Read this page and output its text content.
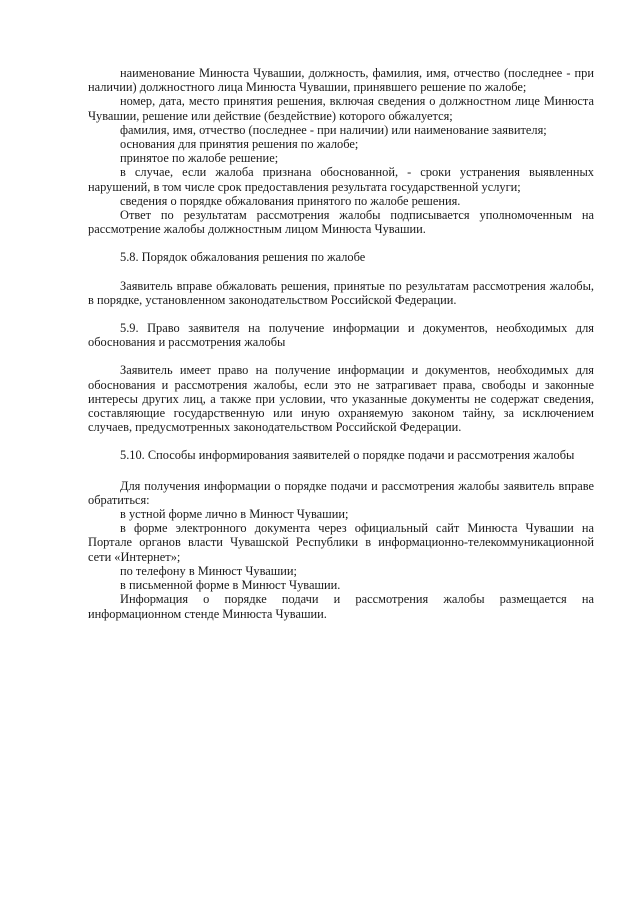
наименование Минюста Чувашии, должность, фамилия, имя, отчество (последнее - при наличии) должностного лица Минюста Чувашии, принявшего решение по жалобе;

номер, дата, место принятия решения, включая сведения о должностном лице Минюста Чувашии, решение или действие (бездействие) которого обжалуется;

фамилия, имя, отчество (последнее - при наличии) или наименование заявителя;

основания для принятия решения по жалобе;

принятое по жалобе решение;

в случае, если жалоба признана обоснованной, - сроки устранения выявленных нарушений, в том числе срок предоставления результата государственной услуги;

сведения о порядке обжалования принятого по жалобе решения.

Ответ по результатам рассмотрения жалобы подписывается уполномоченным на рассмотрение жалобы должностным лицом Минюста Чувашии.

5.8. Порядок обжалования решения по жалобе

Заявитель вправе обжаловать решения, принятые по результатам рассмотрения жалобы, в порядке, установленном законодательством Российской Федерации.

5.9. Право заявителя на получение информации и документов, необходимых для обоснования и рассмотрения жалобы

Заявитель имеет право на получение информации и документов, необходимых для обоснования и рассмотрения жалобы, если это не затрагивает права, свободы и законные интересы других лиц, а также при условии, что указанные документы не содержат сведения, составляющие государственную или иную охраняемую законом тайну, за исключением случаев, предусмотренных законодательством Российской Федерации.

5.10. Способы информирования заявителей о порядке подачи и рассмотрения жалобы

Для получения информации о порядке подачи и рассмотрения жалобы заявитель вправе обратиться:

в устной форме лично в Минюст Чувашии;

в форме электронного документа через официальный сайт Минюста Чувашии на Портале органов власти Чувашской Республики в информационно-телекоммуникационной сети «Интернет»;

по телефону в Минюст Чувашии;

в письменной форме в Минюст Чувашии.

Информация о порядке подачи и рассмотрения жалобы размещается на информационном стенде Минюста Чувашии.
